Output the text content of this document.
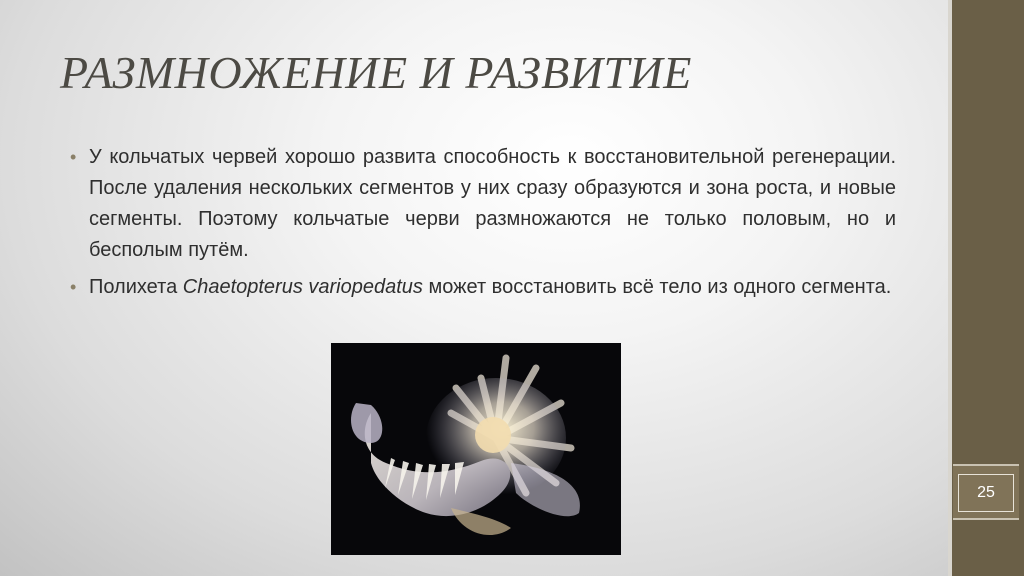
РАЗМНОЖЕНИЕ И РАЗВИТИЕ
• У кольчатых червей хорошо развита способность к восстановительной регенерации. После удаления нескольких сегментов у них сразу образуются и зона роста, и новые сегменты. Поэтому кольчатые черви размножаются не только половым, но и бесполым путём.
• Полихета Chaetopterus variopedatus может восстановить всё тело из одного сегмента.
25
